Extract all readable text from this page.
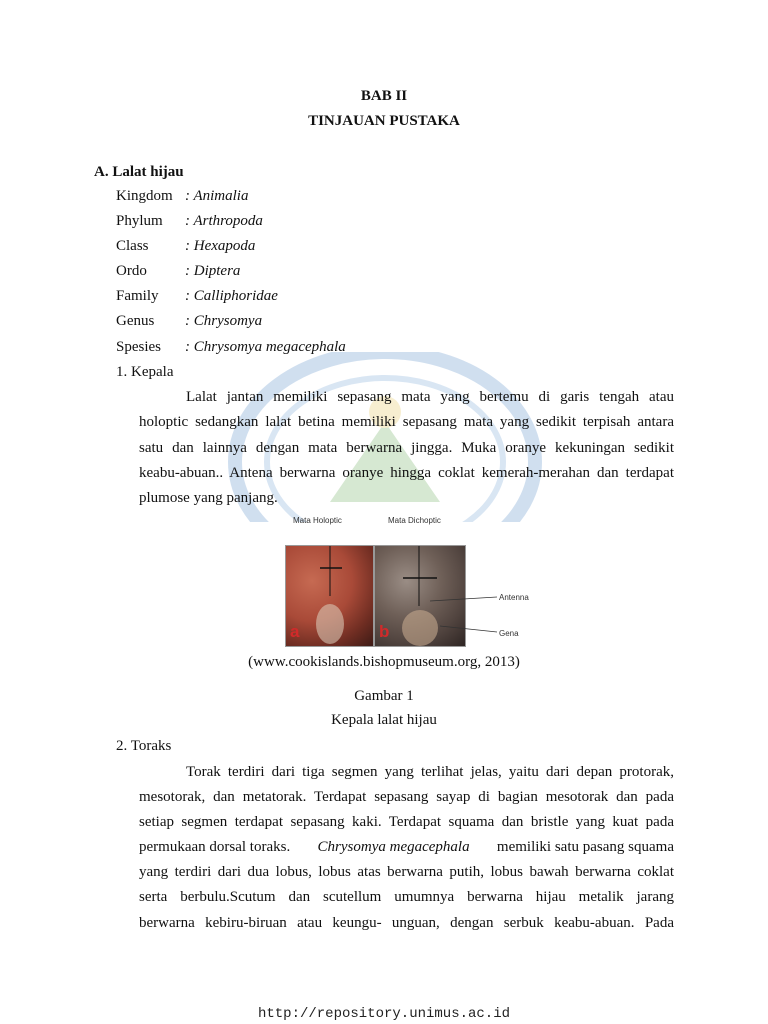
BAB II
TINJAUAN PUSTAKA
A. Lalat hijau
Kingdom : Animalia
Phylum : Arthropoda
Class : Hexapoda
Ordo	: Diptera
Family : Calliphoridae
Genus : Chrysomya
Spesies : Chrysomya megacephala
1. Kepala
Lalat jantan memiliki sepasang mata yang bertemu di garis tengah atau
holoptic sedangkan lalat betina memiliki sepasang mata yang sedikit terpisah antara
satu dan lainnya dengan mata berwarna jingga. Muka oranye kekuningan sedikit
keabu-abuan.. Antena berwarna oranye hingga coklat kemerah-merahan dan terdapat
plumose yang panjang.
Mata Holoptic	Mata Dichoptic
a	b
Antenna
Gena
(www.cookislands.bishopmuseum.org, 2013)
Gambar 1
Kepala lalat hijau
2. Toraks
Torak terdiri dari tiga segmen yang terlihat jelas, yaitu dari depan protorak,
mesotorak, dan metatorak. Terdapat sepasang sayap di bagian mesotorak dan pada
setiap segmen terdapat sepasang kaki. Terdapat squama dan bristle yang kuat pada
permukaan dorsal toraks. Chrysomya megacephala memiliki satu pasang squama
yang terdiri dari dua lobus, lobus atas berwarna putih, lobus bawah berwarna coklat
serta berbulu.Scutum dan scutellum umumnya berwarna hijau metalik jarang
berwarna kebiru-biruan atau keungu- unguan, dengan serbuk keabu-abuan. Pada
http://repository.unimus.ac.id
